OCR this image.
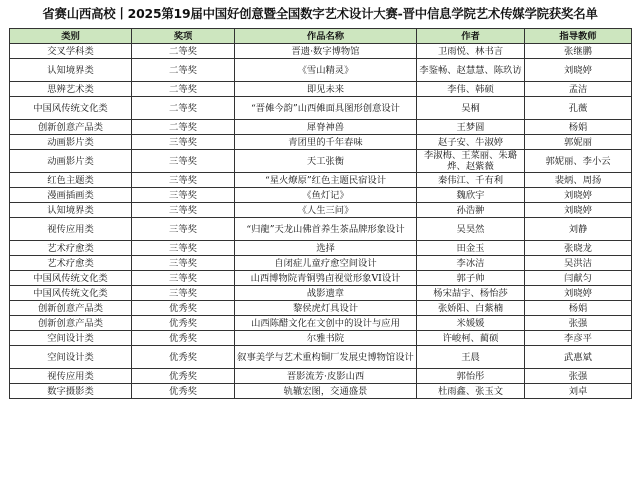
省赛山西高校丨2025第19届中国好创意暨全国数字艺术设计大赛-晋中信息学院艺术传媒学院获奖名单
类别	奖项	作品名称	作者	指导教师
交叉学科类	二等奖	晋遗·数字博物馆	卫雨悦、林书言	张继鹏
认知境界类	二等奖	《雪山精灵》	李鉴畅、赵慧慧、陈玖访	刘晓婷
思辨艺术类	二等奖	即见未来	李伟、韩硕	孟洁
中国风传统文化类	二等奖	“晋傩今韵”山西傩面具图形创意设计	吴桐	孔薇
创新创意产品类	二等奖	犀脊神兽	王梦圆	杨娟
动画影片类	三等奖	青团里的千年春味	赵子安、牛淑婷	郭妮丽
动画影片类	三等奖	天工张衡	李淑梅、王菜丽、朱璐烨、赵紫薇	郭妮丽、李小云
红色主题类	三等奖	“星火燎原”红色主题民宿设计	秦伟江、千有利	裴炳、周扬
漫画插画类	三等奖	《鱼灯记》	魏欣宇	刘晓婷
认知境界类	三等奖	《人生三问》	孙浩翀	刘晓婷
视传应用类	三等奖	“归龍”天龙山佛首养生茶品牌形象设计	吴昊然	刘静
艺术疗愈类	三等奖	选择	田金玉	张晓龙
艺术疗愈类	三等奖	自闭症儿童疗愈空间设计	李冰洁	吴洪洁
中国风传统文化类	三等奖	山西博物院青铜鸮卣视觉形象VI设计	郭子帅	闫献匀
中国风传统文化类	三等奖	战影遗章	杨宋喆宇、杨怡莎	刘晓婷
创新创意产品类	优秀奖	黎侯虎灯具设计	张娇阳、白紫楠	杨娟
创新创意产品类	优秀奖	山西陈醋文化在文创中的设计与应用	米媛媛	张强
空间设计类	优秀奖	尔雅书院	许峻柯、蔺硕	李彦平
空间设计类	优秀奖	叙事美学与艺术重构铜厂发展史博物馆设计	王晨	武惠斌
视传应用类	优秀奖	晋影流芳·皮影山西	郭怡彤	张强
数字摄影类	优秀奖	轨辙宏图，交通盛景	杜雨鑫、张玉文	刘卓
